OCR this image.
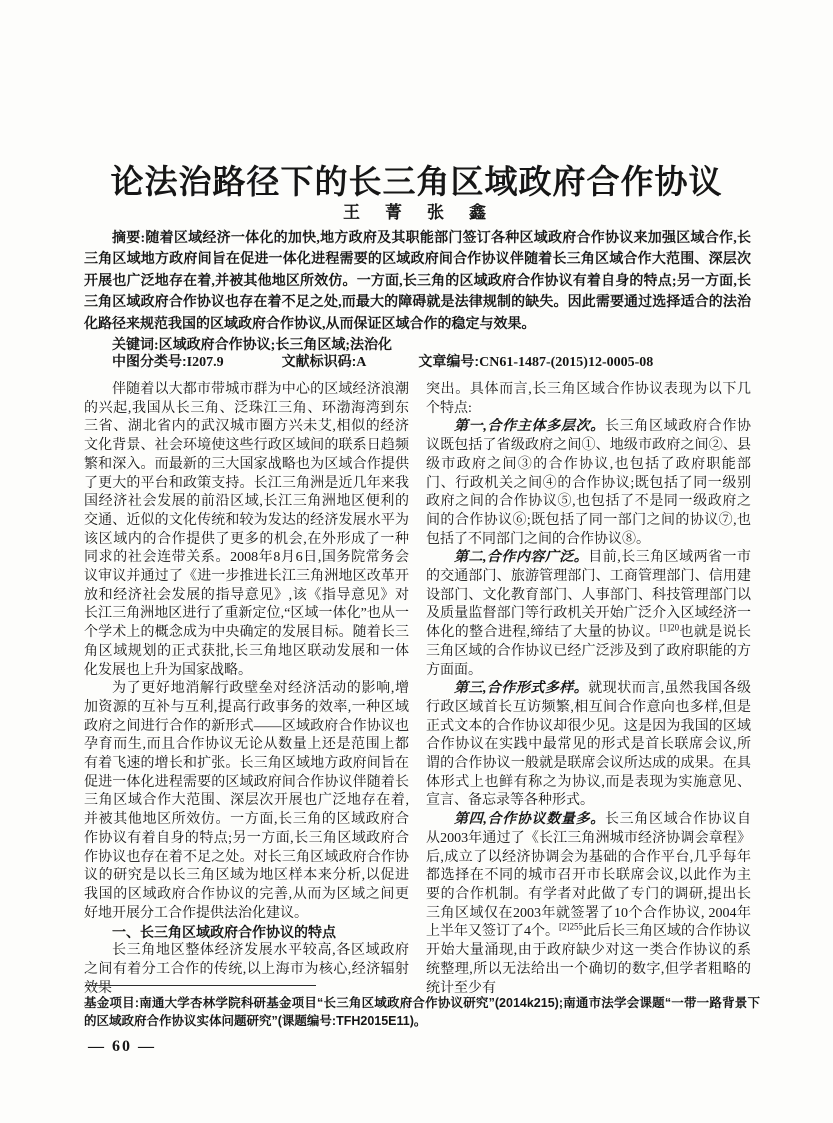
论法治路径下的长三角区域政府合作协议
王　菁　张　鑫

摘要:随着区域经济一体化的加快,地方政府及其职能部门签订各种区域政府合作协议来加强区域合作,长三角区域地方政府间旨在促进一体化进程需要的区域政府间合作协议伴随着长三角区域合作大范围、深层次开展也广泛地存在着,并被其他地区所效仿。一方面,长三角的区域政府合作协议有着自身的特点;另一方面,长三角区域政府合作协议也存在着不足之处,而最大的障碍就是法律规制的缺失。因此需要通过选择适合的法治化路径来规范我国的区域政府合作协议,从而保证区域合作的稳定与效果。

关键词:区域政府合作协议;长三角区域;法治化

中图分类号:I207.9	文献标识码:A	文章编号:CN61-1487-(2015)12-0005-08

伴随着以大都市带城市群为中心的区域经济浪潮的兴起,我国从长三角、泛珠江三角、环渤海湾到东三省、湖北省内的武汉城市圈方兴未艾,相似的经济文化背景、社会环境使这些行政区域间的联系日趋频繁和深入。而最新的三大国家战略也为区域合作提供了更大的平台和政策支持。长江三角洲是近几年来我国经济社会发展的前沿区域,长江三角洲地区便利的交通、近似的文化传统和较为发达的经济发展水平为该区域内的合作提供了更多的机会,在外形成了一种同求的社会连带关系。2008年8月6日,国务院常务会议审议并通过了《进一步推进长江三角洲地区改革开放和经济社会发展的指导意见》,该《指导意见》对长江三角洲地区进行了重新定位,“区域一体化”也从一个学术上的概念成为中央确定的发展目标。随着长三角区域规划的正式获批,长三角地区联动发展和一体化发展也上升为国家战略。

为了更好地消解行政壁垒对经济活动的影响,增加资源的互补与互利,提高行政事务的效率,一种区域政府之间进行合作的新形式——区域政府合作协议也孕育而生,而且合作协议无论从数量上还是范围上都有着飞速的增长和扩张。长三角区域地方政府间旨在促进一体化进程需要的区域政府间合作协议伴随着长三角区域合作大范围、深层次开展也广泛地存在着,并被其他地区所效仿。一方面,长三角的区域政府合作协议有着自身的特点;另一方面,长三角区域政府合作协议也存在着不足之处。对长三角区域政府合作协议的研究是以长三角区域为地区样本来分析,以促进我国的区域政府合作协议的完善,从而为区域之间更好地开展分工合作提供法治化建议。

一、长三角区域政府合作协议的特点

长三角地区整体经济发展水平较高,各区域政府之间有着分工合作的传统,以上海市为核心,经济辐射效果

突出。具体而言,长三角区域合作协议表现为以下几个特点:

第一,合作主体多层次。长三角区域政府合作协议既包括了省级政府之间①、地级市政府之间②、县级市政府之间③的合作协议,也包括了政府职能部门、行政机关之间④的合作协议;既包括了同一级别政府之间的合作协议⑤,也包括了不是同一级政府之间的合作协议⑥;既包括了同一部门之间的协议⑦,也包括了不同部门之间的合作协议⑧。

第二,合作内容广泛。目前,长三角区域两省一市的交通部门、旅游管理部门、工商管理部门、信用建设部门、文化教育部门、人事部门、科技管理部门以及质量监督部门等行政机关开始广泛介入区域经济一体化的整合进程,缔结了大量的协议。$^{[1]20}$也就是说长三角区域的合作协议已经广泛涉及到了政府职能的方方面面。

第三,合作形式多样。就现状而言,虽然我国各级行政区域首长互访频繁,相互间合作意向也多样,但是正式文本的合作协议却很少见。这是因为我国的区域合作协议在实践中最常见的形式是首长联席会议,所谓的合作协议一般就是联席会议所达成的成果。在具体形式上也鲜有称之为协议,而是表现为实施意见、宣言、备忘录等各种形式。

第四,合作协议数量多。长三角区域合作协议自从2003年通过了《长江三角洲城市经济协调会章程》后,成立了以经济协调会为基础的合作平台,几乎每年都选择在不同的城市召开市长联席会议,以此作为主要的合作机制。有学者对此做了专门的调研,提出长三角区域仅在2003年就签署了10个合作协议, 2004年上半年又签订了4个。$^{[2]255}$此后长三角区域的合作协议开始大量涌现,由于政府缺少对这一类合作协议的系统整理,所以无法给出一个确切的数字,但学者粗略的统计至少有

基金项目:南通大学杏林学院科研基金项目“长三角区域政府合作协议研究”(2014k215);南通市法学会课题“一带一路背景下的区域政府合作协议实体问题研究”(课题编号:TFH2015E11)。

— 60 —
